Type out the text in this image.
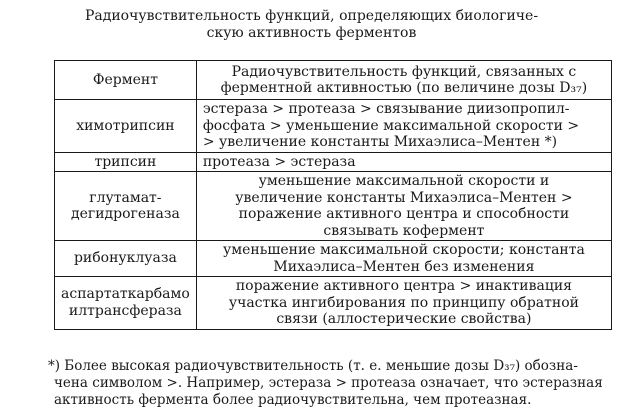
Радиочувствительность функций, определяющих биологиче-
скую активность ферментов
Фермент	Радиочувствительность функций, связанных с
ферментной активностью (по величине дозы D₃₇)

химотрипсин	эстераза > протеаза > связывание диизопропил-
фосфата > уменьшение максимальной скорости >
> увеличение константы Михаэлиса–Ментен *)

трипсин	протеаза > эстераза

глутамат-
дегидрогеназа	уменьшение максимальной скорости и
увеличение константы Михаэлиса–Ментен >
поражение активного центра и способности
связывать кофермент

рибонуклуаза	уменьшение максимальной скорости; константа
Михаэлиса–Ментен без изменения

аспартаткарбамо
илтрансфераза	поражение активного центра > инактивация
участка ингибирования по принципу обратной
связи (аллостерические свойства)
*) Более высокая радиочувствительность (т. е. меньшие дозы D₃₇) обозна-
чена символом >. Например, эстераза > протеаза означает, что эстеразная
активность фермента более радиочувствительна, чем протеазная.
